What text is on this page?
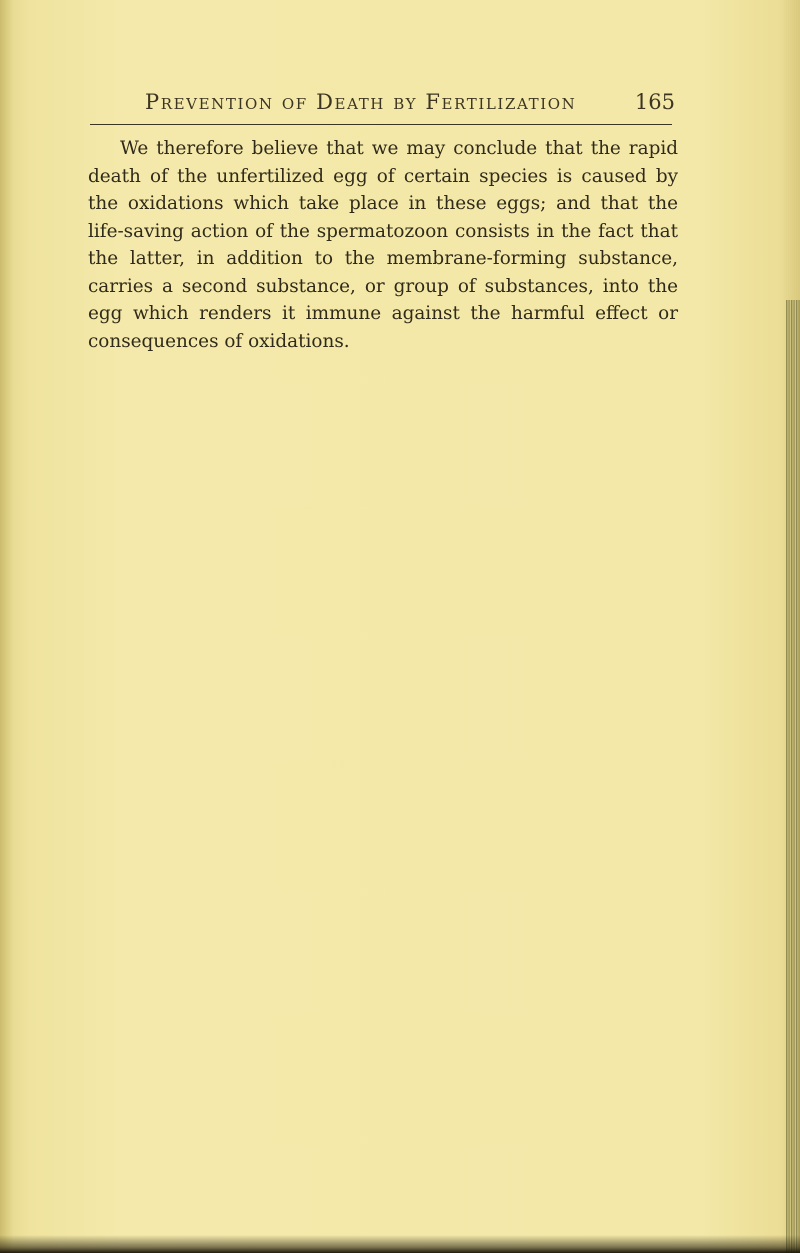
Prevention of Death by Fertilization	165

We therefore believe that we may conclude that the rapid death of the unfertilized egg of certain species is caused by the oxidations which take place in these eggs; and that the life-saving action of the spermatozoon consists in the fact that the latter, in addition to the membrane-forming substance, carries a second substance, or group of substances, into the egg which renders it immune against the harmful effect or consequences of oxidations.
